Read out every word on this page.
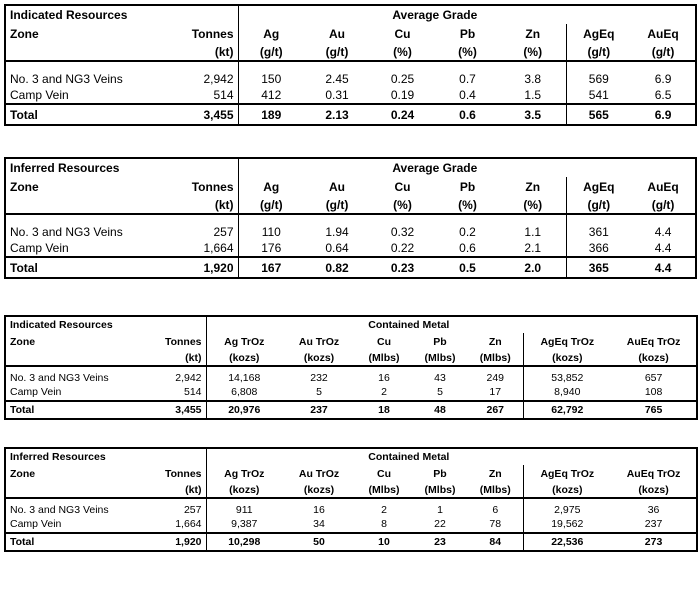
Indicated Resources		Average Grade						
Zone	Tonnes	Ag	Au	Cu	Pb	Zn	AgEq	AuEq
	(kt)	(g/t)	(g/t)	(%)	(%)	(%)	(g/t)	(g/t)
No. 3 and NG3 Veins	2,942	150	2.45	0.25	0.7	3.8	569	6.9
Camp Vein	514	412	0.31	0.19	0.4	1.5	541	6.5
Total	3,455	189	2.13	0.24	0.6	3.5	565	6.9
Inferred Resources		Average Grade						
Zone	Tonnes	Ag	Au	Cu	Pb	Zn	AgEq	AuEq
	(kt)	(g/t)	(g/t)	(%)	(%)	(%)	(g/t)	(g/t)
No. 3 and NG3 Veins	257	110	1.94	0.32	0.2	1.1	361	4.4
Camp Vein	1,664	176	0.64	0.22	0.6	2.1	366	4.4
Total	1,920	167	0.82	0.23	0.5	2.0	365	4.4
Indicated Resources		Contained Metal						
Zone	Tonnes	Ag TrOz	Au TrOz	Cu	Pb	Zn	AgEq TrOz	AuEq TrOz
	(kt)	(kozs)	(kozs)	(Mlbs)	(Mlbs)	(Mlbs)	(kozs)	(kozs)
No. 3 and NG3 Veins	2,942	14,168	232	16	43	249	53,852	657
Camp Vein	514	6,808	5	2	5	17	8,940	108
Total	3,455	20,976	237	18	48	267	62,792	765
Inferred Resources		Contained Metal						
Zone	Tonnes	Ag TrOz	Au TrOz	Cu	Pb	Zn	AgEq TrOz	AuEq TrOz
	(kt)	(kozs)	(kozs)	(Mlbs)	(Mlbs)	(Mlbs)	(kozs)	(kozs)
No. 3 and NG3 Veins	257	911	16	2	1	6	2,975	36
Camp Vein	1,664	9,387	34	8	22	78	19,562	237
Total	1,920	10,298	50	10	23	84	22,536	273
